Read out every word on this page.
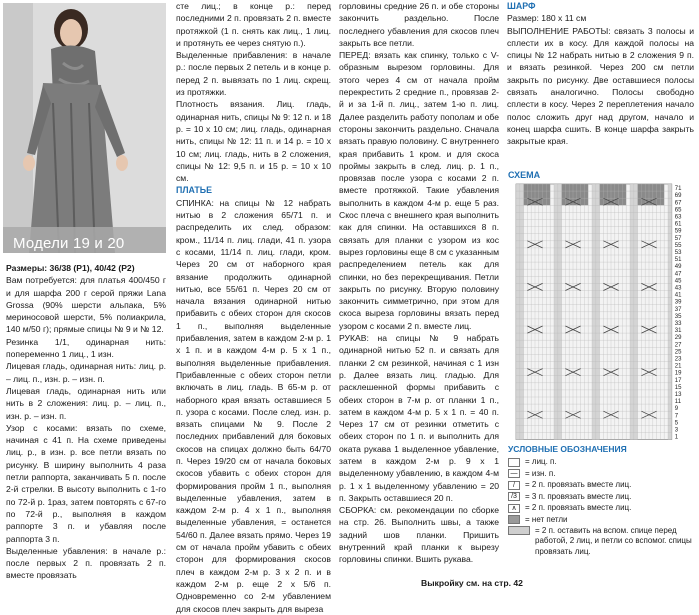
Модели 19 и 20

Размеры: 36/38 (P1), 40/42 (P2)

Вам потребуется: для платья 400/450 г и для шарфа 200 г серой пряжи Lana Grossa (90% шерсти альпака, 5% мериносовой шерсти, 5% полиакрила, 140 м/50 г); прямые спицы № 9 и № 12.

Резинка 1/1, одинарная нить: попеременно 1 лиц., 1 изн.

Лицевая гладь, одинарная нить: лиц. р. – лиц. п., изн. р. – изн. п.

Лицевая гладь, одинарная нить или нить в 2 сложения: лиц. р. – лиц. п., изн. р. – изн. п.

Узор с косами: вязать по схеме, начиная с 41 п. На схеме приведены лиц. р., в изн. р. все петли вязать по рисунку. В ширину выполнить 4 раза петли раппорта, заканчивать 5 п. после 2-й стрелки. В высоту выполнить с 1-го по 72-й р. 1раз, затем повторять с 67-го по 72-й р., выполняя в каждом раппорте 3 п. и убавляя после раппорта 3 п.

Выделенные убавления: в начале р.: после первых 2 п. провязать 2 п. вместе провязать

сте лиц.; в конце р.: перед последними 2 п. провязать 2 п. вместе протяжкой (1 п. снять как лиц., 1 лиц. и протянуть ее через снятую п.).

Выделенные прибавления: в начале р.: после первых 2 петель и в конце р. перед 2 п. вывязать по 1 лиц. скрещ. из протяжки.

Плотность вязания. Лиц. гладь, одинарная нить, спицы № 9: 12 п. и 18 р. = 10 х 10 см; лиц. гладь, одинарная нить, спицы № 12: 11 п. и 14 р. = 10 х 10 см; лиц. гладь, нить в 2 сложения, спицы № 12: 9,5 п. и 15 р. = 10 х 10 см.

ПЛАТЬЕ

СПИНКА: на спицы № 12 набрать нитью в 2 сложения 65/71 п. и распределить их след. образом: кром., 11/14 п. лиц. глади, 41 п. узора с косами, 11/14 п. лиц. глади, кром. Через 20 см от наборного края вязание продолжить одинарной нитью, все 55/61 п. Через 20 см от начала вязания одинарной нитью прибавить с обеих сторон для скосов 1 п., выполняя выделенные прибавления, затем в каждом 2-м р. 1 х 1 п. и в каждом 4-м р. 5 х 1 п., выполняя выделенные прибавления. Прибавленные с обеих сторон петли включать в лиц. гладь. В 65-м р. от наборного края вязать оставшиеся 5 п. узора с косами. После след. изн. р. вязать спицами № 9. После 2 последних прибавлений для боковых скосов на спицах должно быть 64/70 п. Через 19/20 см от начала боковых скосов убавить с обеих сторон для формирования пройм 1 п., выполняя выделенные убавления, затем в каждом 2-м р. 4 х 1 п., выполняя выделенные убавления, = останется 54/60 п. Далее вязать прямо. Через 19 см от начала пройм убавить с обеих сторон для формирования скосов плеч в каждом 2-м р. 3 х 2 п. и в каждом 2-м р. еще 2 х 5/6 п. Одновременно со 2-м убавлением для скосов плеч закрыть для выреза

горловины средние 26 п. и обе стороны закончить раздельно. После последнего убавления для скосов плеч закрыть все петли.

ПЕРЕД: вязать как спинку, только с V-образным вырезом горловины. Для этого через 4 см от начала пройм перекрестить 2 средние п., провязав 2-й и за 1-й п. лиц., затем 1-ю п. лиц. Далее разделить работу пополам и обе стороны закончить раздельно. Сначала вязать правую половину. С внутреннего края прибавить 1 кром. и для скоса проймы закрыть в след. лиц. р. 1 п., провязав после узора с косами 2 п. вместе протяжкой. Такие убавления выполнить в каждом 4-м р. еще 5 раз. Скос плеча с внешнего края выполнить как для спинки. На оставшихся 8 п. связать для планки с узором из кос вырез горловины еще 8 см с указанным распределением петель как для спинки, но без перекрещивания. Петли закрыть по рисунку. Вторую половину закончить симметрично, при этом для скоса выреза горловины вязать перед узором с косами 2 п. вместе лиц.

РУКАВ: на спицы № 9 набрать одинарной нитью 52 п. и связать для планки 2 см резинкой, начиная с 1 изн р. Далее вязать лиц. гладью. Для расклешенной формы прибавить с обеих сторон в 7-м р. от планки 1 п., затем в каждом 4-м р. 5 х 1 п. = 40 п. Через 17 см от резинки отметить с обеих сторон по 1 п. и выполнить для оката рукава 1 выделенное убавление, затем в каждом 2-м р. 9 х 1 выделенному убавлению, в каждом 4-м р. 1 х 1 выделенному убавлению = 20 п. Закрыть оставшиеся 20 п.

СБОРКА: см. рекомендации по сборке на стр. 26. Выполнить швы, а также задний шов планки. Пришить внутренний край планки к вырезу горловины спинки. Вшить рукава.

Выкройку см. на стр. 42

ШАРФ

Размер: 180 х 11 см

ВЫПОЛНЕНИЕ РАБОТЫ: связать 3 полосы и сплести их в косу. Для каждой полосы на спицы № 12 набрать нитью в 2 сложения 9 п. и вязать резинкой. Через 200 см петли закрыть по рисунку. Две оставшиеся полосы связать аналогично. Полосы свободно сплести в косу. Через 2 переплетения начало полос сложить друг над другом, начало и конец шарфа сшить. В конце шарфа закрыть закрытые края.

СХЕМА
71
69
67
65
63
61
59
57
55
53
51
49
47
45
43
41
39
37
35
33
31
29
27
25
23
21
19
17
15
13
11
9
7
5
3
1
УСЛОВНЫЕ ОБОЗНАЧЕНИЯ
= лиц. п.
— = изн. п.
/	= 2 п. провязать вместе лиц.
/3	= 3 п. провязать вместе лиц.
∧	= 2 п. провязать вместе лиц.
= нет петли
= 2 п. оставить на вспом. спице перед работой, 2 лиц, и петли со вспомог. спицы провязать лиц.
